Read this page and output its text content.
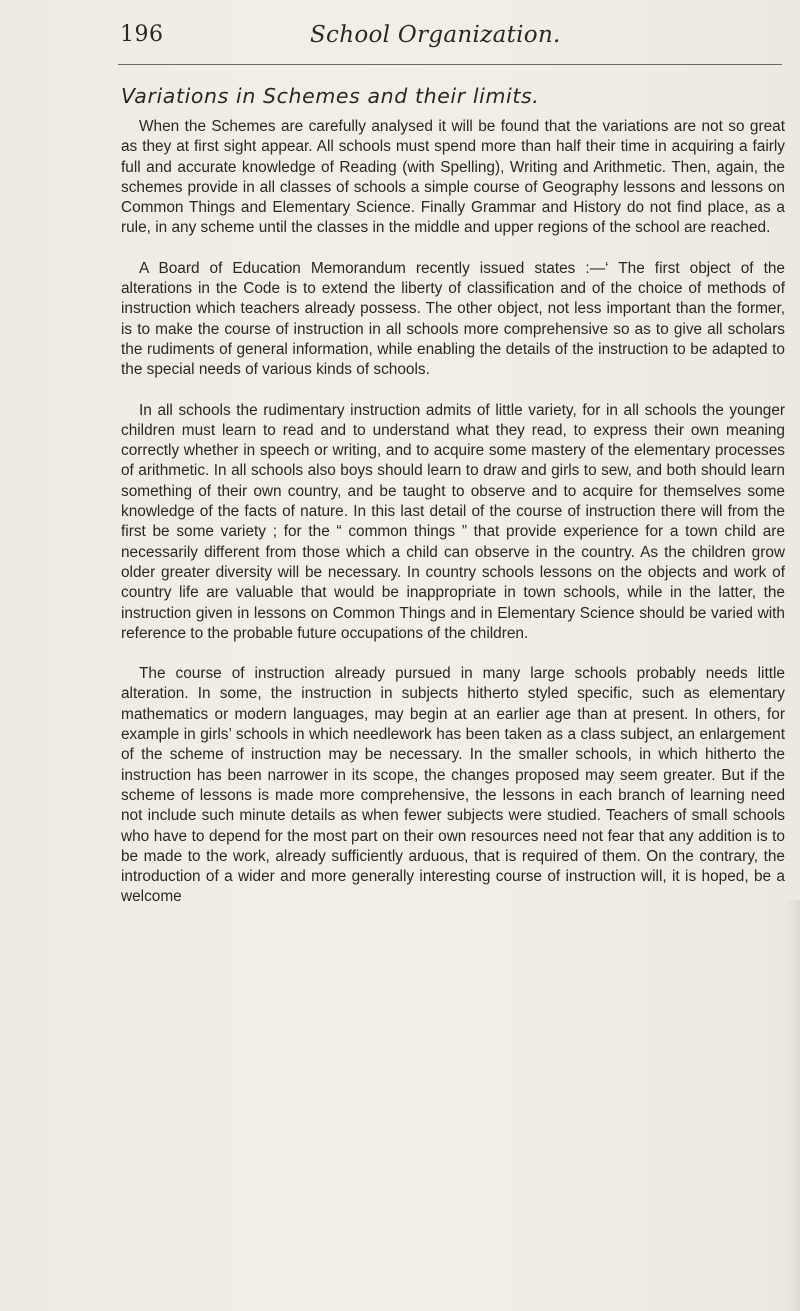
196	School Organization.
Variations in Schemes and their limits.

When the Schemes are carefully analysed it will be found that the variations are not so great as they at first sight appear. All schools must spend more than half their time in acquiring a fairly full and accurate knowledge of Reading (with Spelling), Writing and Arithmetic. Then, again, the schemes provide in all classes of schools a simple course of Geography lessons and lessons on Common Things and Elementary Science. Finally Grammar and History do not find place, as a rule, in any scheme until the classes in the middle and upper regions of the school are reached.

A Board of Education Memorandum recently issued states :—‘ The first object of the alterations in the Code is to extend the liberty of classification and of the choice of methods of instruction which teachers already possess. The other object, not less important than the former, is to make the course of instruction in all schools more comprehensive so as to give all scholars the rudiments of general information, while enabling the details of the instruction to be adapted to the special needs of various kinds of schools.

In all schools the rudimentary instruction admits of little variety, for in all schools the younger children must learn to read and to understand what they read, to express their own meaning correctly whether in speech or writing, and to acquire some mastery of the elementary processes of arithmetic. In all schools also boys should learn to draw and girls to sew, and both should learn something of their own country, and be taught to observe and to acquire for themselves some knowledge of the facts of nature. In this last detail of the course of instruction there will from the first be some variety ; for the “ common things ” that provide experience for a town child are necessarily different from those which a child can observe in the country. As the children grow older greater diversity will be necessary. In country schools lessons on the objects and work of country life are valuable that would be inappropriate in town schools, while in the latter, the instruction given in lessons on Common Things and in Elementary Science should be varied with reference to the probable future occupations of the children.

The course of instruction already pursued in many large schools probably needs little alteration. In some, the instruction in subjects hitherto styled specific, such as elementary mathematics or modern languages, may begin at an earlier age than at present. In others, for example in girls’ schools in which needlework has been taken as a class subject, an enlargement of the scheme of instruction may be necessary. In the smaller schools, in which hitherto the instruction has been narrower in its scope, the changes proposed may seem greater. But if the scheme of lessons is made more comprehensive, the lessons in each branch of learning need not include such minute details as when fewer subjects were studied. Teachers of small schools who have to depend for the most part on their own resources need not fear that any addition is to be made to the work, already sufficiently arduous, that is required of them. On the contrary, the introduction of a wider and more generally interesting course of instruction will, it is hoped, be a welcome
